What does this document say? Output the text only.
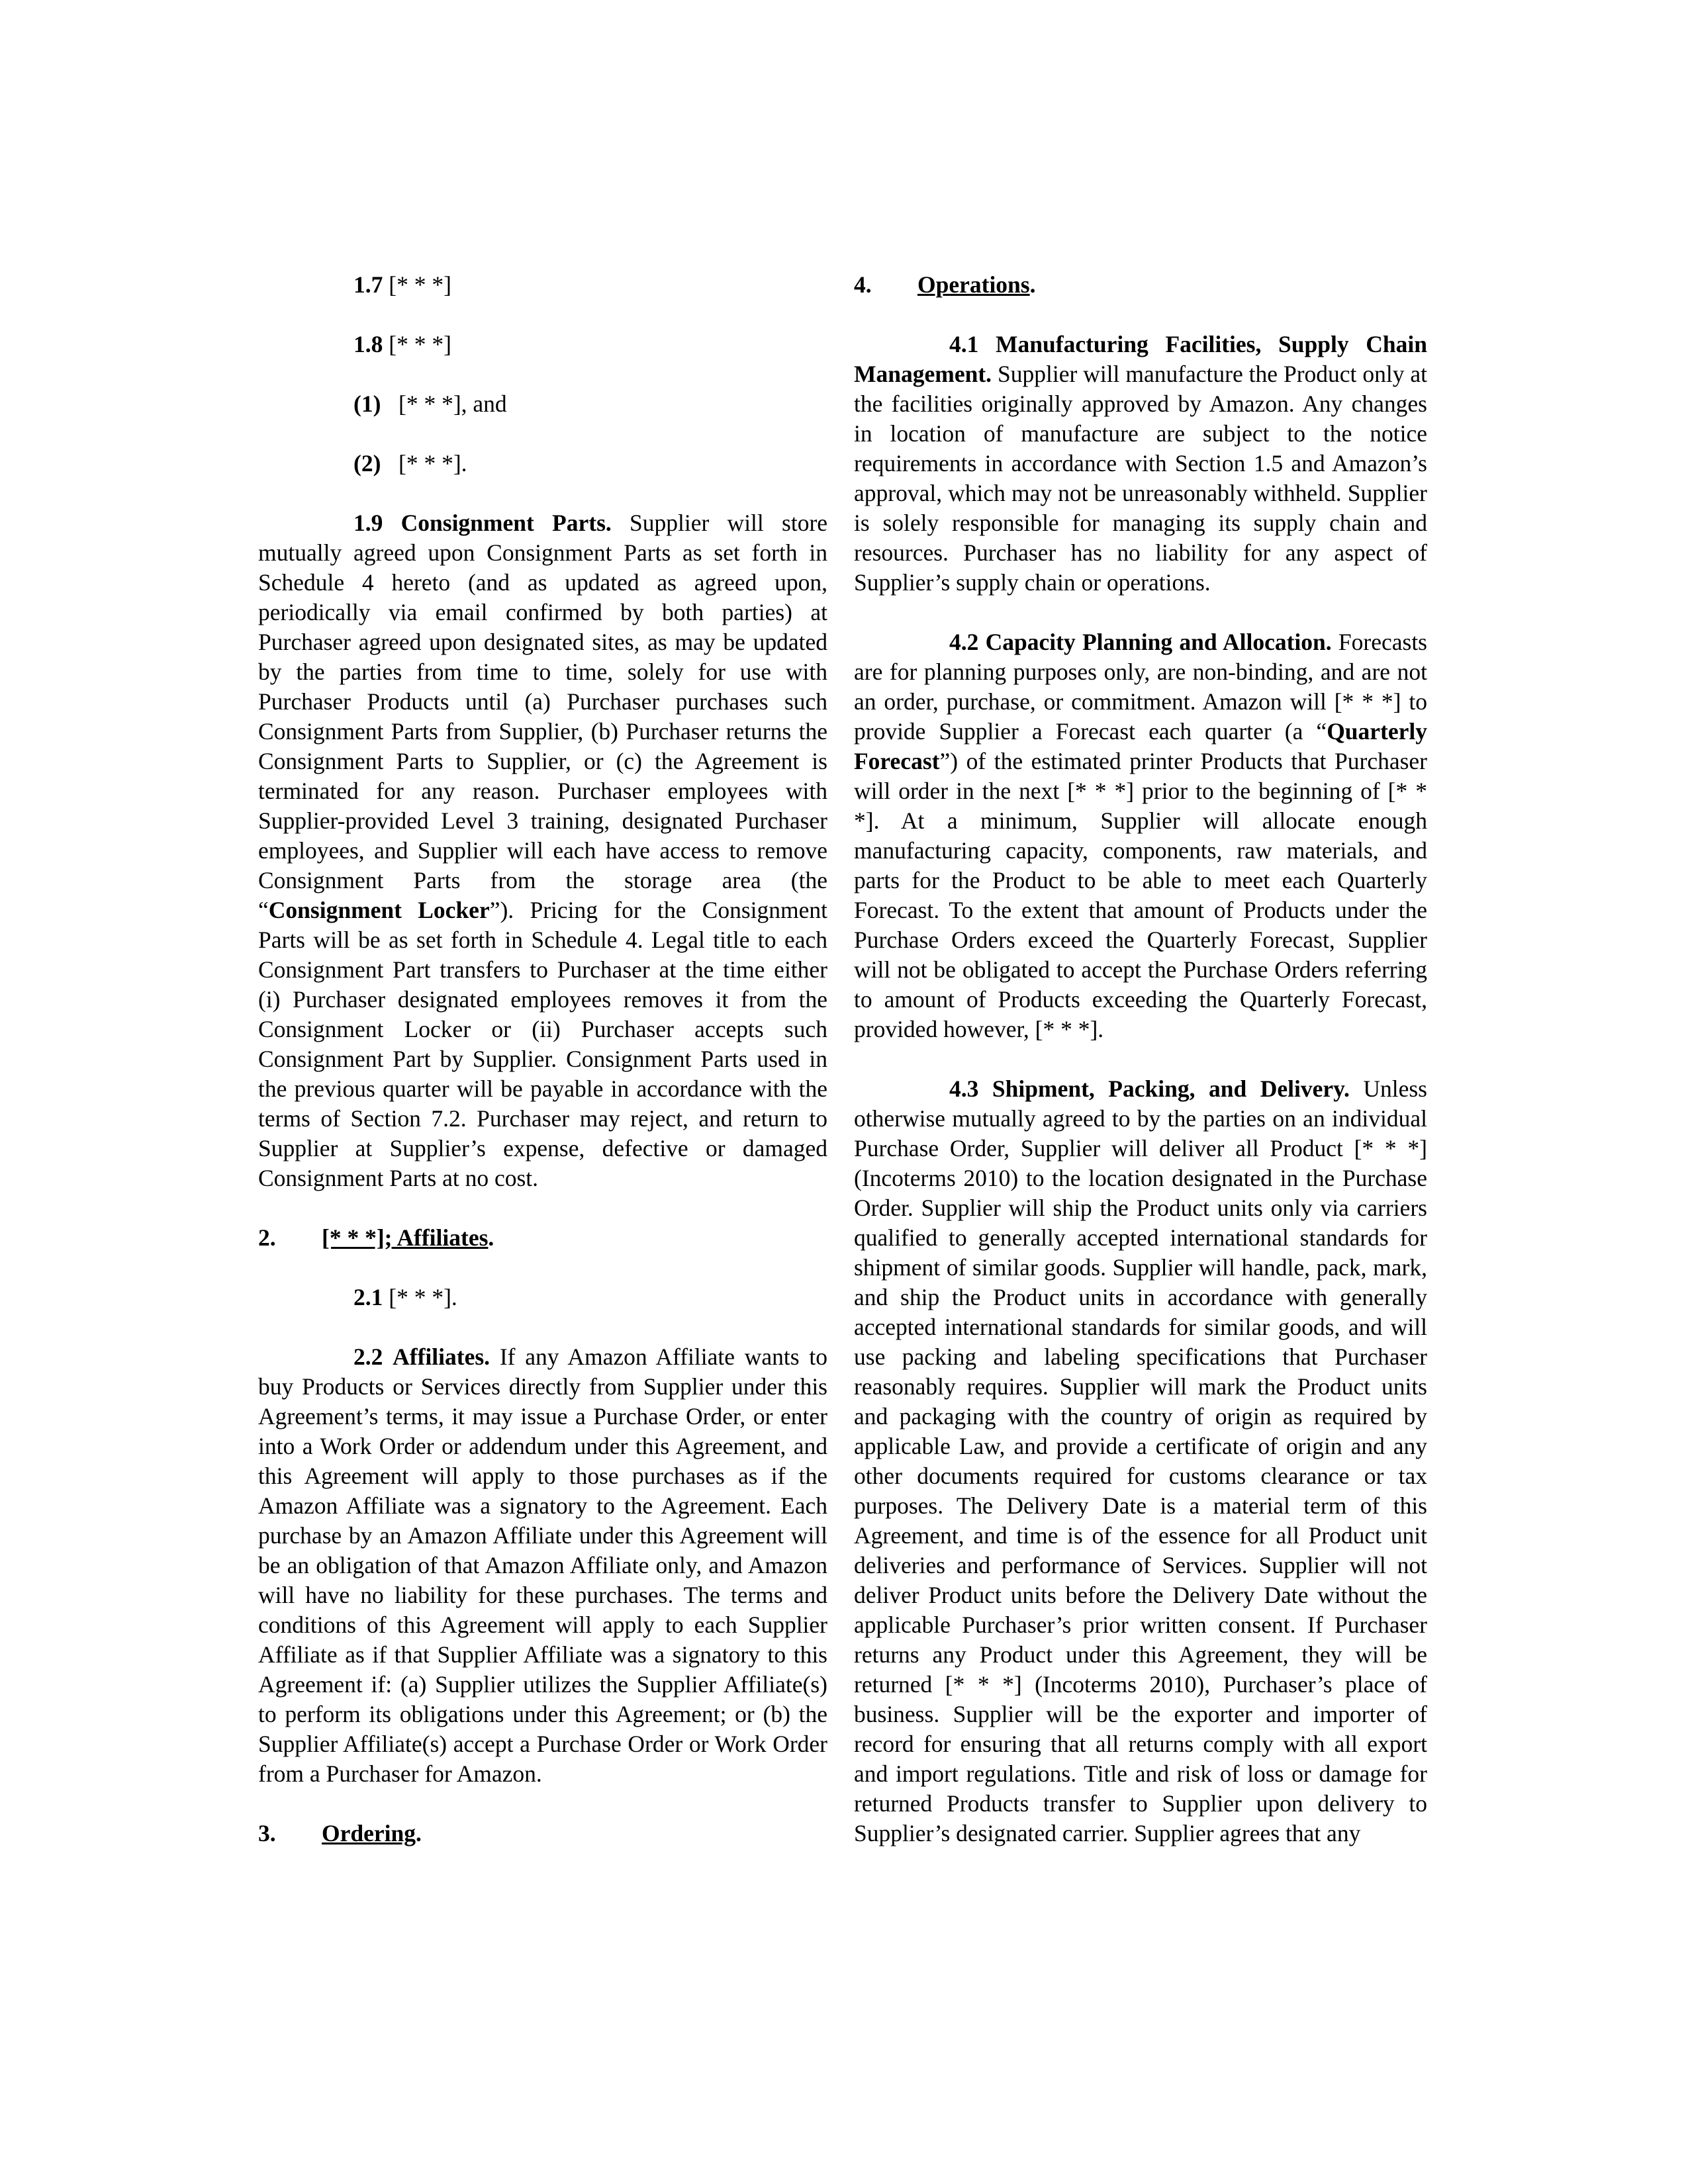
1.7 [* * *]

1.8 [* * *]

(1) [* * *], and
(2) [* * *].

1.9 Consignment Parts. Supplier will store mutually agreed upon Consignment Parts as set forth in Schedule 4 hereto (and as updated as agreed upon, periodically via email confirmed by both parties) at Purchaser agreed upon designated sites, as may be updated by the parties from time to time, solely for use with Purchaser Products until (a) Purchaser purchases such Consignment Parts from Supplier, (b) Purchaser returns the Consignment Parts to Supplier, or (c) the Agreement is terminated for any reason. Purchaser employees with Supplier-provided Level 3 training, designated Purchaser employees, and Supplier will each have access to remove Consignment Parts from the storage area (the “Consignment Locker”). Pricing for the Consignment Parts will be as set forth in Schedule 4. Legal title to each Consignment Part transfers to Purchaser at the time either (i) Purchaser designated employees removes it from the Consignment Locker or (ii) Purchaser accepts such Consignment Part by Supplier. Consignment Parts used in the previous quarter will be payable in accordance with the terms of Section 7.2. Purchaser may reject, and return to Supplier at Supplier’s expense, defective or damaged Consignment Parts at no cost.

2.	[* * *]; Affiliates.

2.1 [* * *].

2.2 Affiliates. If any Amazon Affiliate wants to buy Products or Services directly from Supplier under this Agreement’s terms, it may issue a Purchase Order, or enter into a Work Order or addendum under this Agreement, and this Agreement will apply to those purchases as if the Amazon Affiliate was a signatory to the Agreement. Each purchase by an Amazon Affiliate under this Agreement will be an obligation of that Amazon Affiliate only, and Amazon will have no liability for these purchases. The terms and conditions of this Agreement will apply to each Supplier Affiliate as if that Supplier Affiliate was a signatory to this Agreement if: (a) Supplier utilizes the Supplier Affiliate(s) to perform its obligations under this Agreement; or (b) the Supplier Affiliate(s) accept a Purchase Order or Work Order from a Purchaser for Amazon.

3.	Ordering.
4.	Operations.

4.1 Manufacturing Facilities, Supply Chain Management. Supplier will manufacture the Product only at the facilities originally approved by Amazon. Any changes in location of manufacture are subject to the notice requirements in accordance with Section 1.5 and Amazon’s approval, which may not be unreasonably withheld. Supplier is solely responsible for managing its supply chain and resources. Purchaser has no liability for any aspect of Supplier’s supply chain or operations.

4.2 Capacity Planning and Allocation. Forecasts are for planning purposes only, are non-binding, and are not an order, purchase, or commitment. Amazon will [* * *] to provide Supplier a Forecast each quarter (a “Quarterly Forecast”) of the estimated printer Products that Purchaser will order in the next [* * *] prior to the beginning of [* * *]. At a minimum, Supplier will allocate enough manufacturing capacity, components, raw materials, and parts for the Product to be able to meet each Quarterly Forecast. To the extent that amount of Products under the Purchase Orders exceed the Quarterly Forecast, Supplier will not be obligated to accept the Purchase Orders referring to amount of Products exceeding the Quarterly Forecast, provided however, [* * *].

4.3 Shipment, Packing, and Delivery. Unless otherwise mutually agreed to by the parties on an individual Purchase Order, Supplier will deliver all Product [* * *] (Incoterms 2010) to the location designated in the Purchase Order. Supplier will ship the Product units only via carriers qualified to generally accepted international standards for shipment of similar goods. Supplier will handle, pack, mark, and ship the Product units in accordance with generally accepted international standards for similar goods, and will use packing and labeling specifications that Purchaser reasonably requires. Supplier will mark the Product units and packaging with the country of origin as required by applicable Law, and provide a certificate of origin and any other documents required for customs clearance or tax purposes. The Delivery Date is a material term of this Agreement, and time is of the essence for all Product unit deliveries and performance of Services. Supplier will not deliver Product units before the Delivery Date without the applicable Purchaser’s prior written consent. If Purchaser returns any Product under this Agreement, they will be returned [* * *] (Incoterms 2010), Purchaser’s place of business. Supplier will be the exporter and importer of record for ensuring that all returns comply with all export and import regulations. Title and risk of loss or damage for returned Products transfer to Supplier upon delivery to Supplier’s designated carrier. Supplier agrees that any
